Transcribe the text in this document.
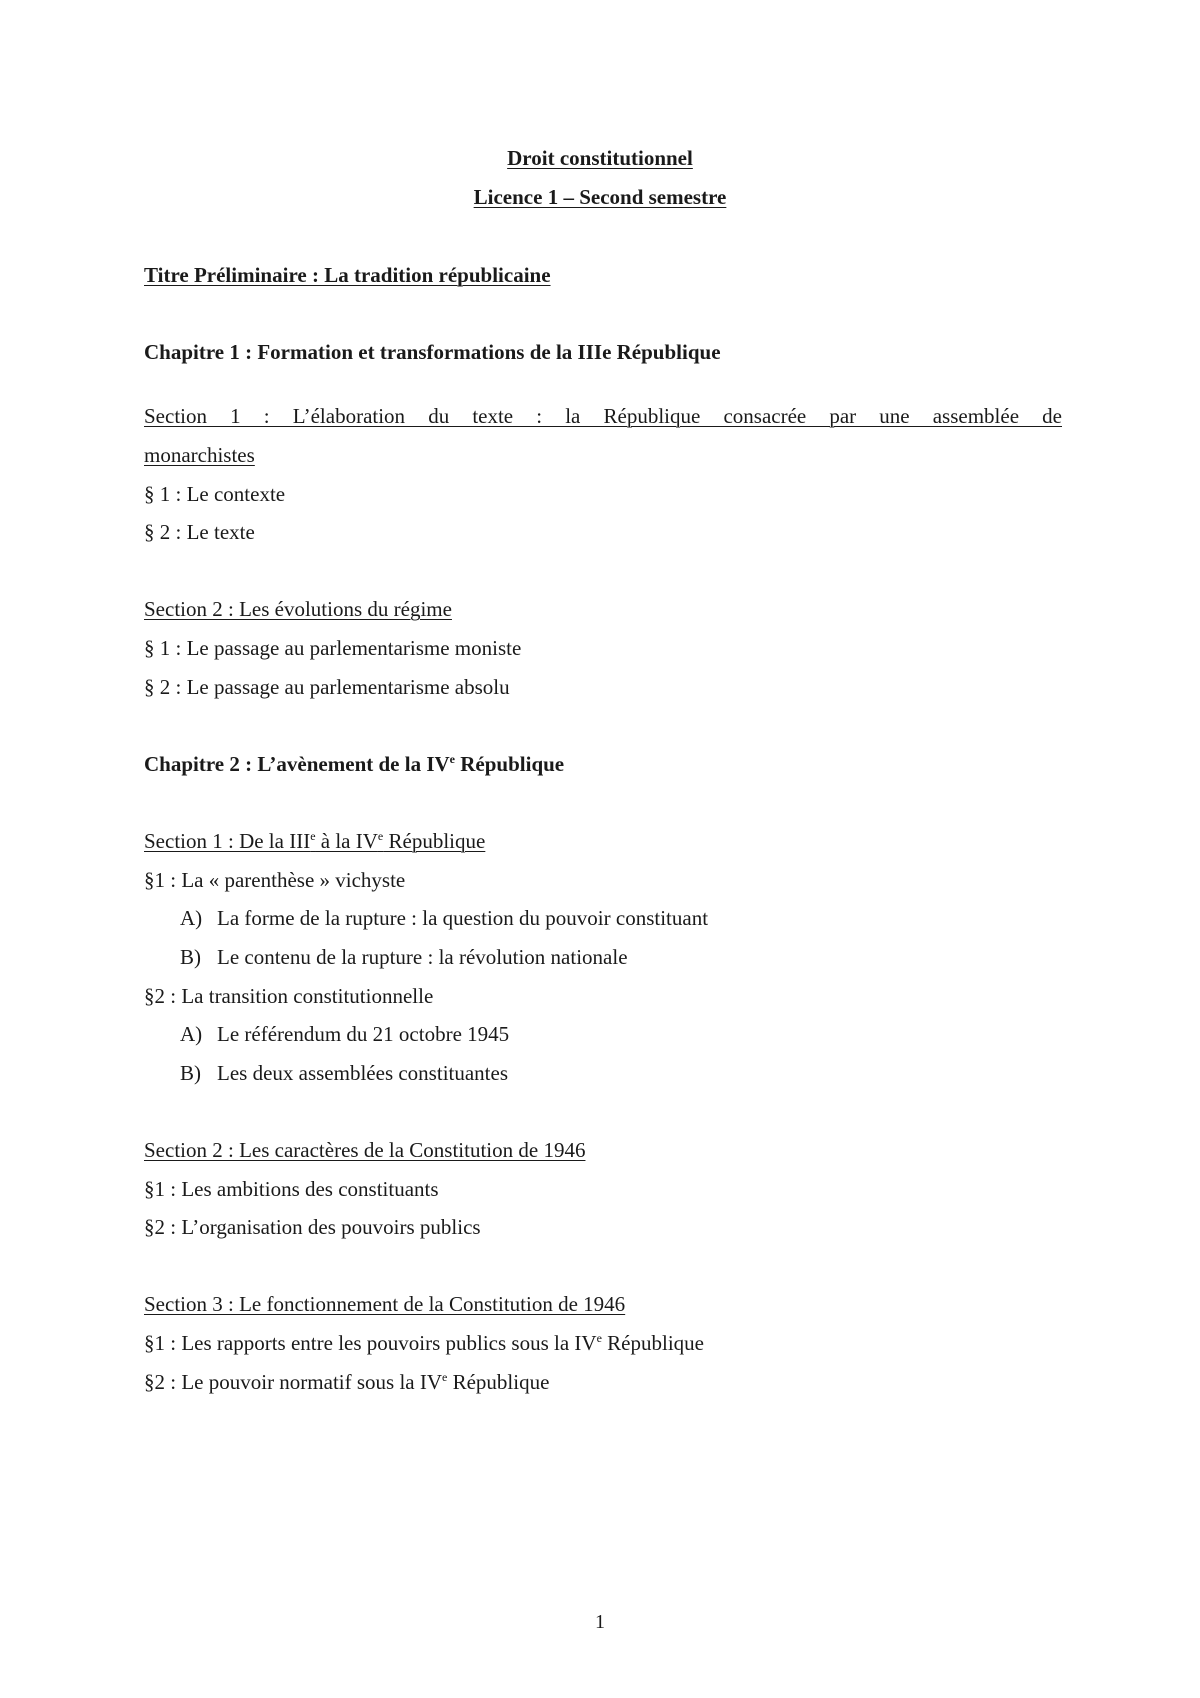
Droit constitutionnel
Licence 1 – Second semestre
Titre Préliminaire : La tradition républicaine
Chapitre 1 : Formation et transformations de la IIIe République
Section 1 : L’élaboration du texte : la République consacrée par une assemblée de
monarchistes
§ 1 : Le contexte
§ 2 : Le texte
Section 2 : Les évolutions du régime
§ 1 : Le passage au parlementarisme moniste
§ 2 : Le passage au parlementarisme absolu
Chapitre 2 : L’avènement de la IVe République
Section 1 : De la IIIe à la IVe République
§1 : La « parenthèse » vichyste
A) La forme de la rupture : la question du pouvoir constituant
B) Le contenu de la rupture : la révolution nationale
§2 : La transition constitutionnelle
A) Le référendum du 21 octobre 1945
B) Les deux assemblées constituantes
Section 2 : Les caractères de la Constitution de 1946
§1 : Les ambitions des constituants
§2 : L’organisation des pouvoirs publics
Section 3 : Le fonctionnement de la Constitution de 1946
§1 : Les rapports entre les pouvoirs publics sous la IVe République
§2 : Le pouvoir normatif sous la IVe République
1
